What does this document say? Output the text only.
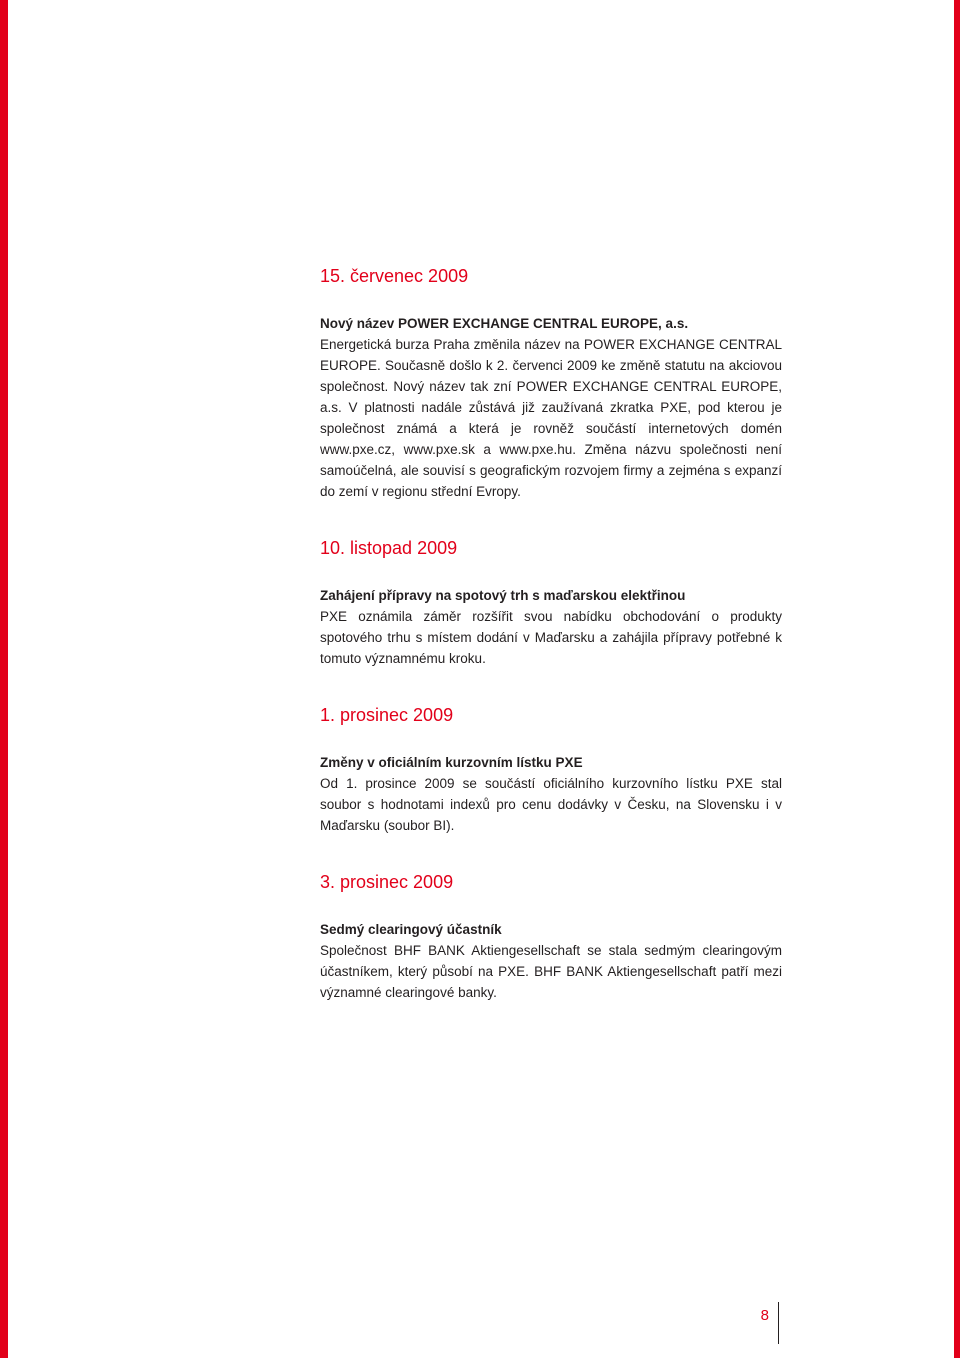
15. červenec 2009
Nový název POWER EXCHANGE CENTRAL EUROPE, a.s.
Energetická burza Praha změnila název na POWER EXCHANGE CENTRAL EUROPE. Současně došlo k 2. červenci 2009 ke změně statutu na akciovou společnost. Nový název tak zní POWER EXCHANGE CENTRAL EUROPE, a.s. V platnosti nadále zůstává již zaužívaná zkratka PXE, pod kterou je společnost známá a která je rovněž součástí internetových domén www.pxe.cz, www.pxe.sk a www.pxe.hu. Změna názvu společnosti není samoúčelná, ale souvisí s geografickým rozvojem firmy a zejména s expanzí do zemí v regionu střední Evropy.
10. listopad 2009
Zahájení přípravy na spotový trh s maďarskou elektřinou
PXE oznámila záměr rozšířit svou nabídku obchodování o produkty spotového trhu s místem dodání v Maďarsku a zahájila přípravy potřebné k tomuto významnému kroku.
1. prosinec 2009
Změny v oficiálním kurzovním lístku PXE
Od 1. prosince 2009 se součástí oficiálního kurzovního lístku PXE stal soubor s hodnotami indexů pro cenu dodávky v Česku, na Slovensku i v Maďarsku (soubor BI).
3. prosinec 2009
Sedmý clearingový účastník
Společnost BHF BANK Aktiengesellschaft se stala sedmým clearingovým účastníkem, který působí na PXE. BHF BANK Aktiengesellschaft patří mezi významné clearingové banky.
8
